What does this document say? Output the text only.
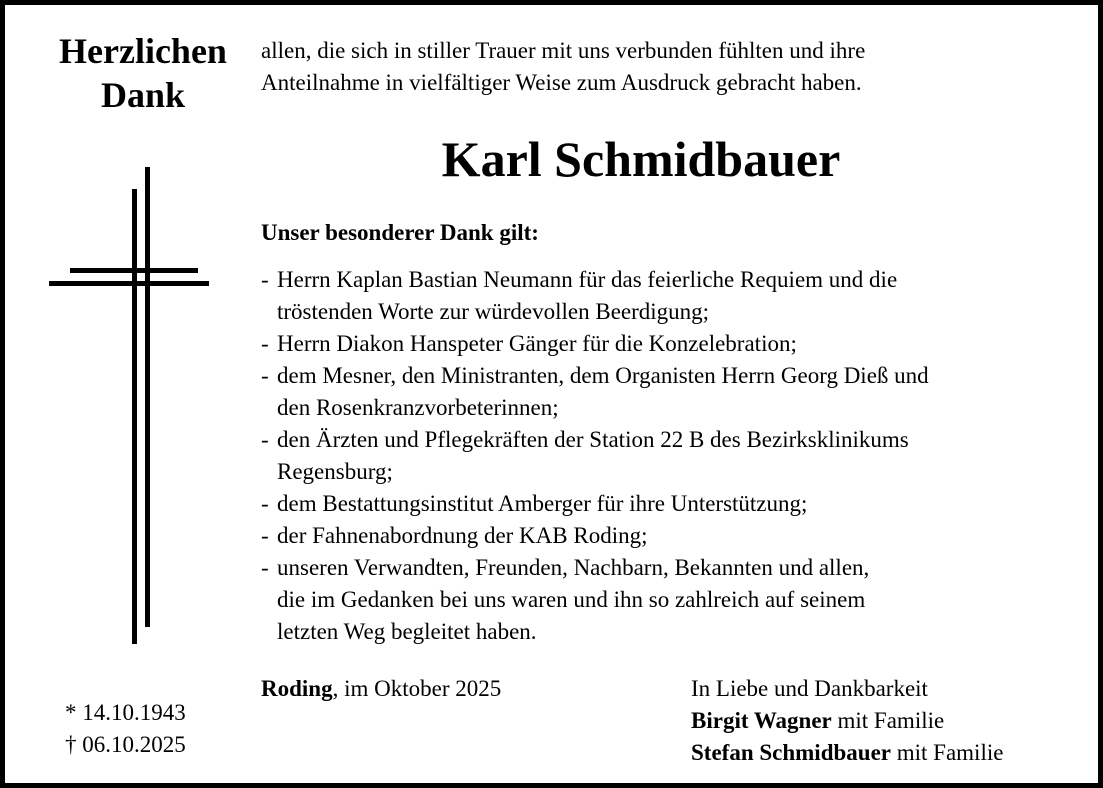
Herzlichen
Dank
* 14.10.1943
† 06.10.2025
allen, die sich in stiller Trauer mit uns verbunden fühlten und ihre
Anteilnahme in vielfältiger Weise zum Ausdruck gebracht haben.
Karl Schmidbauer
Unser besonderer Dank gilt:
- Herrn Kaplan Bastian Neumann für das feierliche Requiem und die
tröstenden Worte zur würdevollen Beerdigung;
- Herrn Diakon Hanspeter Gänger für die Konzelebration;
- dem Mesner, den Ministranten, dem Organisten Herrn Georg Dieß und
den Rosenkranzvorbeterinnen;
- den Ärzten und Pflegekräften der Station 22 B des Bezirksklinikums
Regensburg;
- dem Bestattungsinstitut Amberger für ihre Unterstützung;
- der Fahnenabordnung der KAB Roding;
- unseren Verwandten, Freunden, Nachbarn, Bekannten und allen,
die im Gedanken bei uns waren und ihn so zahlreich auf seinem
letzten Weg begleitet haben.
Roding, im Oktober 2025	In Liebe und Dankbarkeit
Birgit Wagner mit Familie
Stefan Schmidbauer mit Familie
